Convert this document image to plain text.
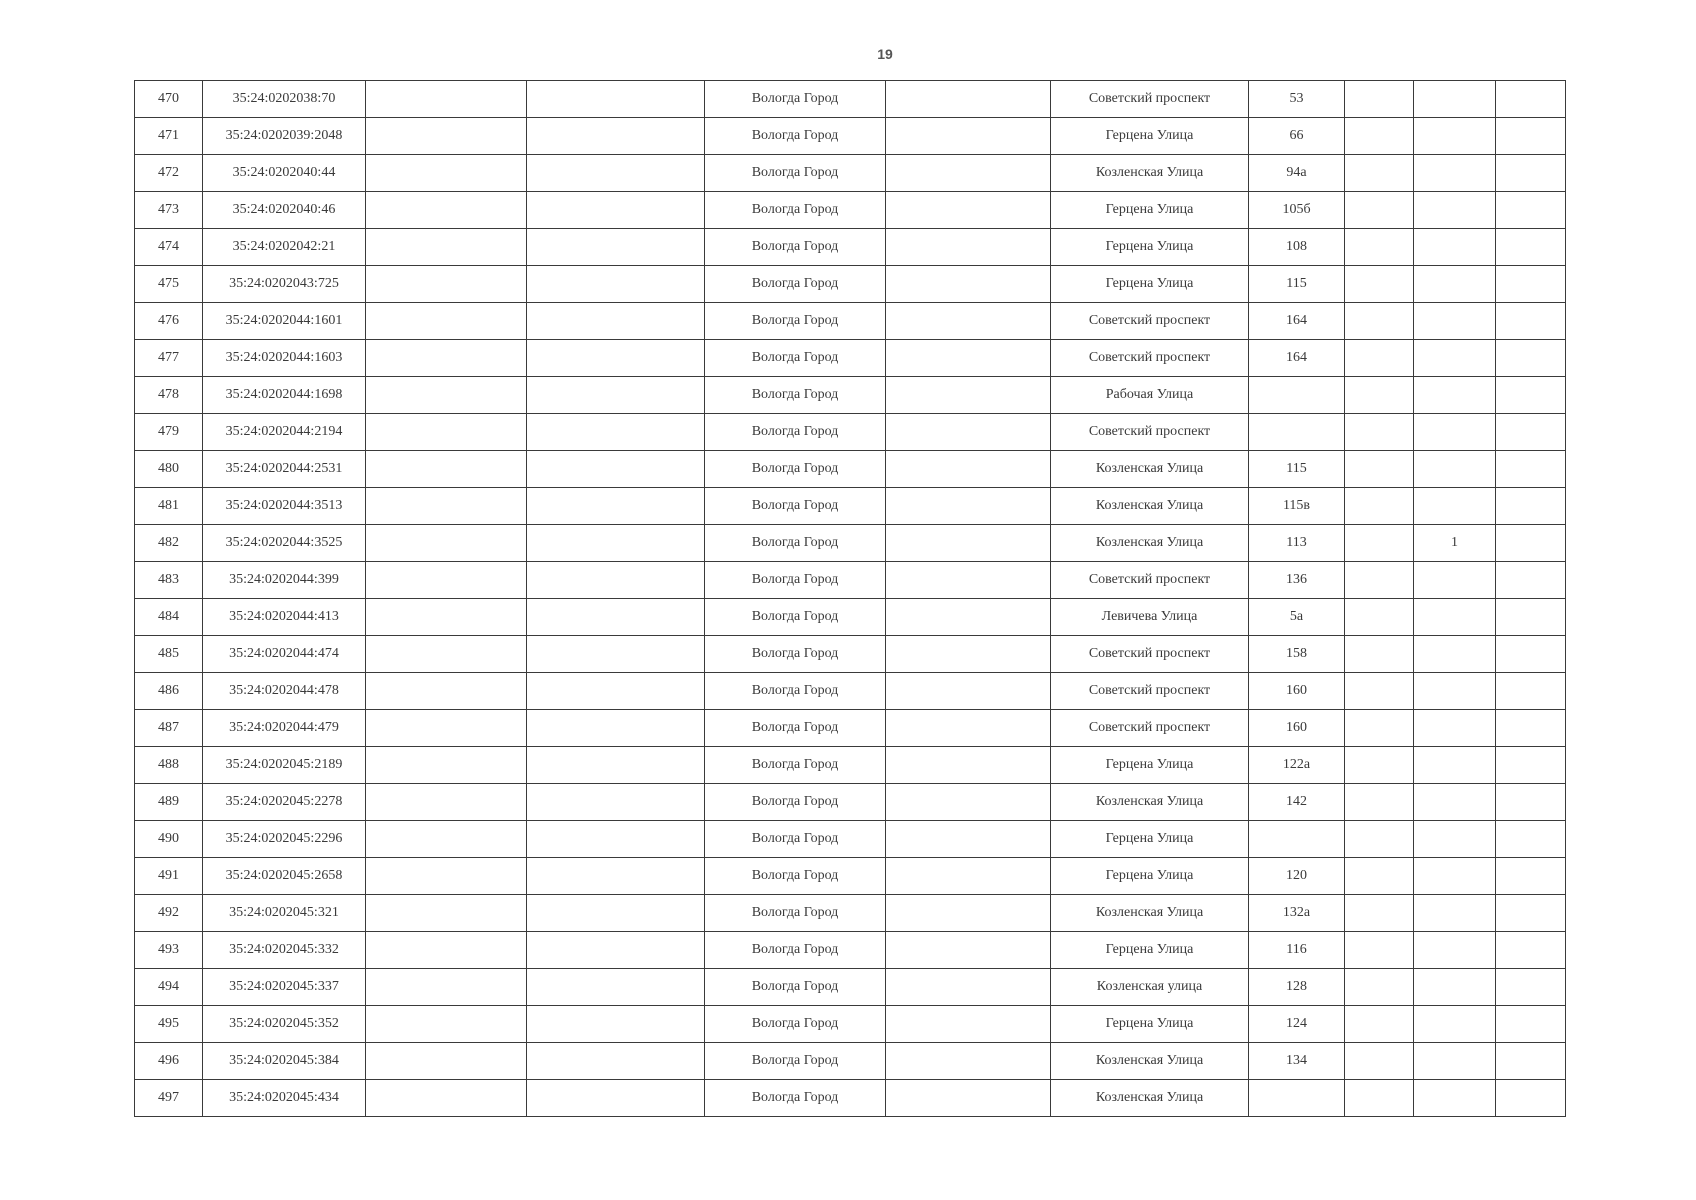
19
470	35:24:0202038:70			Вологда Город		Советский проспект	53			
471	35:24:0202039:2048			Вологда Город		Герцена Улица	66			
472	35:24:0202040:44			Вологда Город		Козленская Улица	94а			
473	35:24:0202040:46			Вологда Город		Герцена Улица	105б			
474	35:24:0202042:21			Вологда Город		Герцена Улица	108			
475	35:24:0202043:725			Вологда Город		Герцена Улица	115			
476	35:24:0202044:1601			Вологда Город		Советский проспект	164			
477	35:24:0202044:1603			Вологда Город		Советский проспект	164			
478	35:24:0202044:1698			Вологда Город		Рабочая Улица				
479	35:24:0202044:2194			Вологда Город		Советский проспект				
480	35:24:0202044:2531			Вологда Город		Козленская Улица	115			
481	35:24:0202044:3513			Вологда Город		Козленская Улица	115в			
482	35:24:0202044:3525			Вологда Город		Козленская Улица	113		1	
483	35:24:0202044:399			Вологда Город		Советский проспект	136			
484	35:24:0202044:413			Вологда Город		Левичева Улица	5а			
485	35:24:0202044:474			Вологда Город		Советский проспект	158			
486	35:24:0202044:478			Вологда Город		Советский проспект	160			
487	35:24:0202044:479			Вологда Город		Советский проспект	160			
488	35:24:0202045:2189			Вологда Город		Герцена Улица	122а			
489	35:24:0202045:2278			Вологда Город		Козленская Улица	142			
490	35:24:0202045:2296			Вологда Город		Герцена Улица				
491	35:24:0202045:2658			Вологда Город		Герцена Улица	120			
492	35:24:0202045:321			Вологда Город		Козленская Улица	132а			
493	35:24:0202045:332			Вологда Город		Герцена Улица	116			
494	35:24:0202045:337			Вологда Город		Козленская улица	128			
495	35:24:0202045:352			Вологда Город		Герцена Улица	124			
496	35:24:0202045:384			Вологда Город		Козленская Улица	134			
497	35:24:0202045:434			Вологда Город		Козленская Улица				
